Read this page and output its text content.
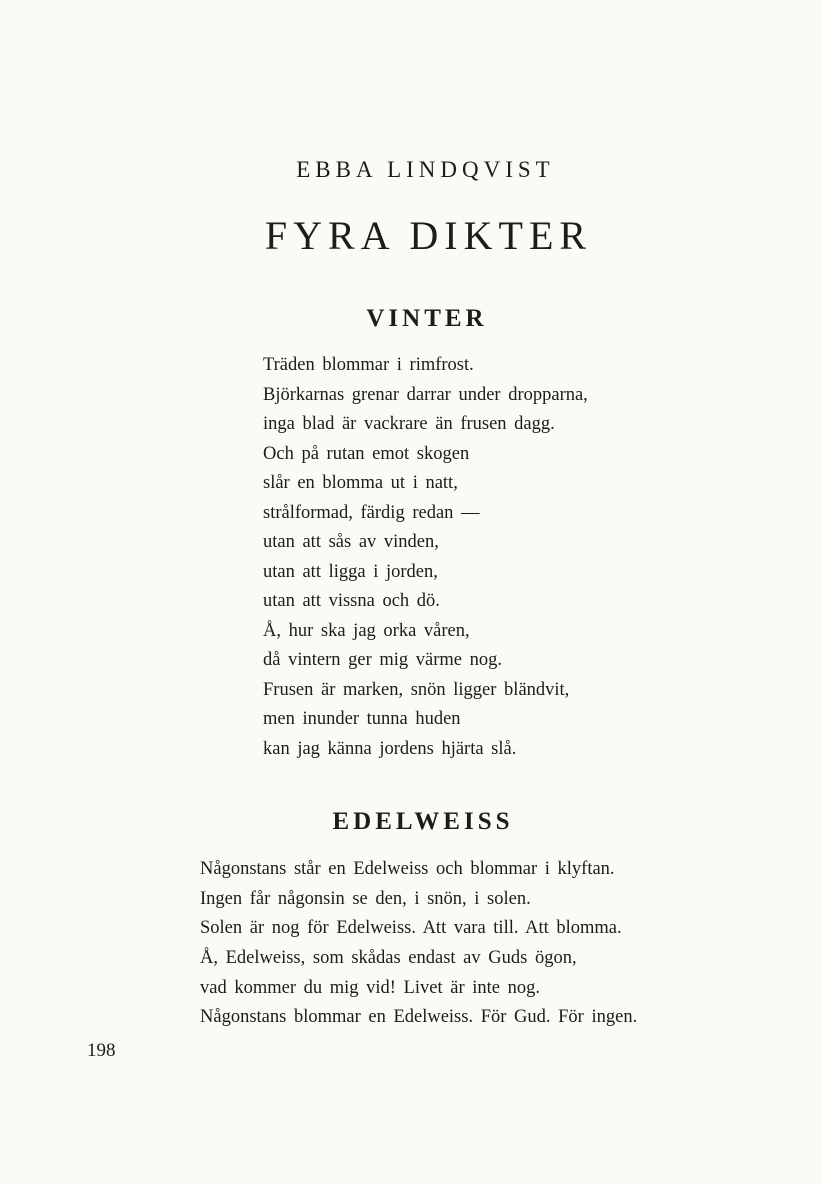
EBBA LINDQVIST
FYRA DIKTER
VINTER
Träden blommar i rimfrost.
Björkarnas grenar darrar under dropparna,
inga blad är vackrare än frusen dagg.
Och på rutan emot skogen
slår en blomma ut i natt,
strålformad, färdig redan —
utan att sås av vinden,
utan att ligga i jorden,
utan att vissna och dö.
Å, hur ska jag orka våren,
då vintern ger mig värme nog.
Frusen är marken, snön ligger bländvit,
men inunder tunna huden
kan jag känna jordens hjärta slå.
EDELWEISS
Någonstans står en Edelweiss och blommar i klyftan.
Ingen får någonsin se den, i snön, i solen.
Solen är nog för Edelweiss. Att vara till. Att blomma.
Å, Edelweiss, som skådas endast av Guds ögon,
vad kommer du mig vid! Livet är inte nog.
Någonstans blommar en Edelweiss. För Gud. För ingen.
198
